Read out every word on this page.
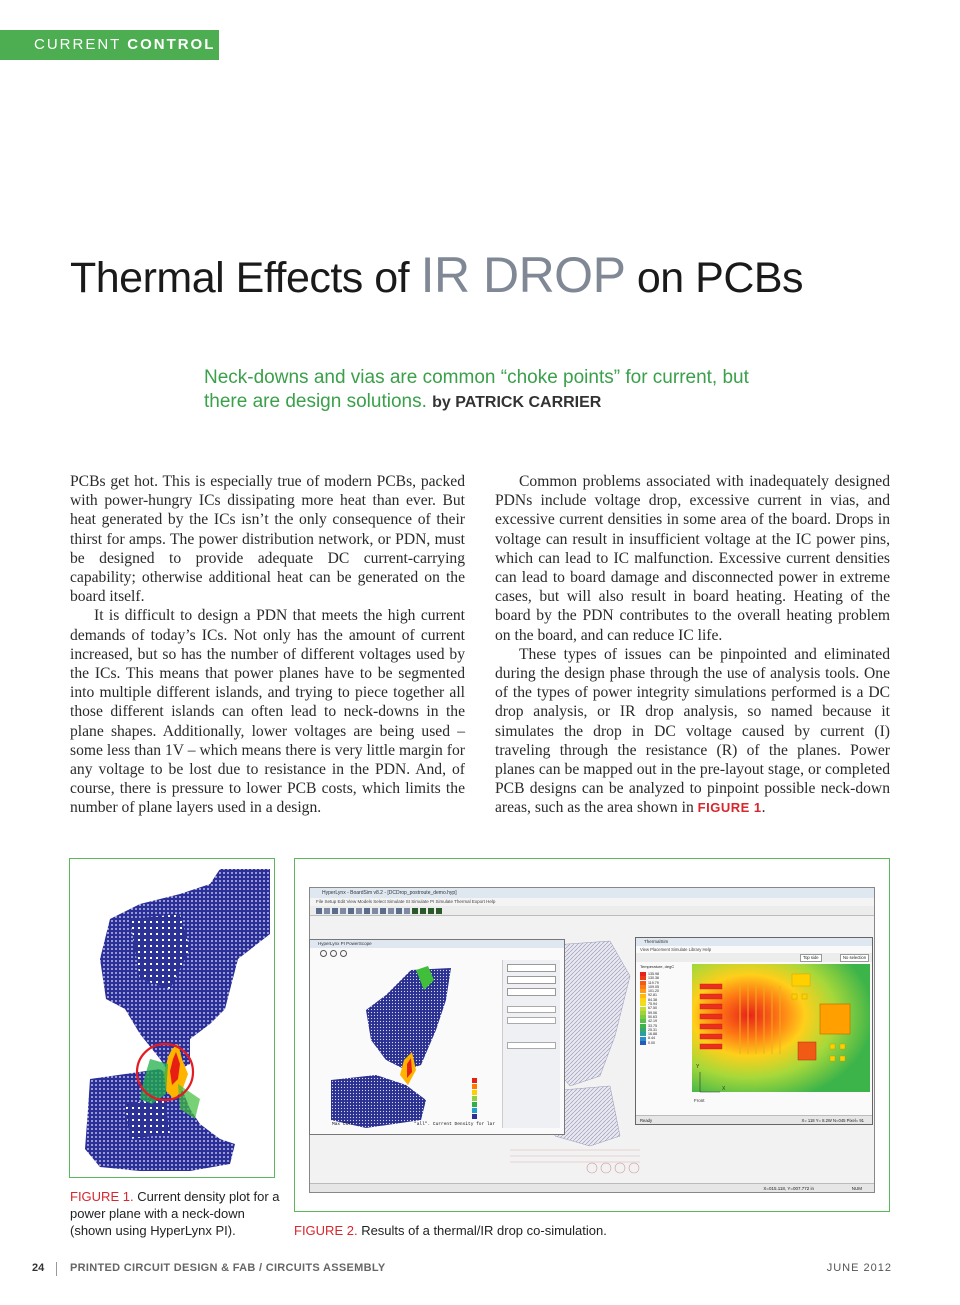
CURRENT CONTROL
Thermal Effects of IR DROP on PCBs
Neck-downs and vias are common “choke points” for current, but there are design solutions. by PATRICK CARRIER

PCBs get hot. This is especially true of modern PCBs, packed with power-hungry ICs dissipating more heat than ever. But heat generated by the ICs isn’t the only consequence of their thirst for amps. The power distribution network, or PDN, must be designed to provide adequate DC current-carrying capability; otherwise additional heat can be generated on the board itself.

It is difficult to design a PDN that meets the high current demands of today’s ICs. Not only has the amount of current increased, but so has the number of different voltages used by the ICs. This means that power planes have to be segmented into multiple different islands, and trying to piece together all those different islands can often lead to neck-downs in the plane shapes. Additionally, lower voltages are being used – some less than 1V – which means there is very little margin for any voltage to be lost due to resistance in the PDN. And, of course, there is pressure to lower PCB costs, which limits the number of plane layers used in a design.

Common problems associated with inadequately designed PDNs include voltage drop, excessive current in vias, and excessive current densities in some area of the board. Drops in voltage can result in insufficient voltage at the IC power pins, which can lead to IC malfunction. Excessive current densities can lead to board damage and disconnected power in extreme cases, but will also result in board heating. Heating of the board by the PDN contributes to the overall heating problem on the board, and can reduce IC life.

These types of issues can be pinpointed and eliminated during the design phase through the use of analysis tools. One of the types of power integrity simulations performed is a DC drop analysis, or IR drop analysis, so named because it simulates the drop in DC voltage caused by current (I) traveling through the resistance (R) of the planes. Power planes can be mapped out in the pre-layout stage, or completed PCB designs can be analyzed to pinpoint possible neck-down areas, such as the area shown in FIGURE 1.

HyperLynx - BoardSim v8.2 - [DCDrop_postroute_demo.hyp]
File Setup Edit View Models Select Simulate SI Simulate PI Simulate Thermal Export Help
X=015.118, Y=007.772 in	NUM
HyperLynx PI PowerScope
Max Curr	"all". Current Density for lar
ThermalSim
View Placement Simulate Library Help
Top side	No selection
Temperature, degC
135.98
130.36
119.79
109.05
101.20
92.81
84.38
75.94
67.50
59.06
50.63
42.19
33.75
25.31
16.88
8.44
0.00
Y
X
Front
Ready	X= 118 Y= 8.2W N=045 Pixel= 91
FIGURE 1. Current density plot for a power plane with a neck-down (shown using HyperLynx PI).	FIGURE 2. Results of a thermal/IR drop co-simulation.
24 PRINTED CIRCUIT DESIGN & FAB / CIRCUITS ASSEMBLY	JUNE 2012
